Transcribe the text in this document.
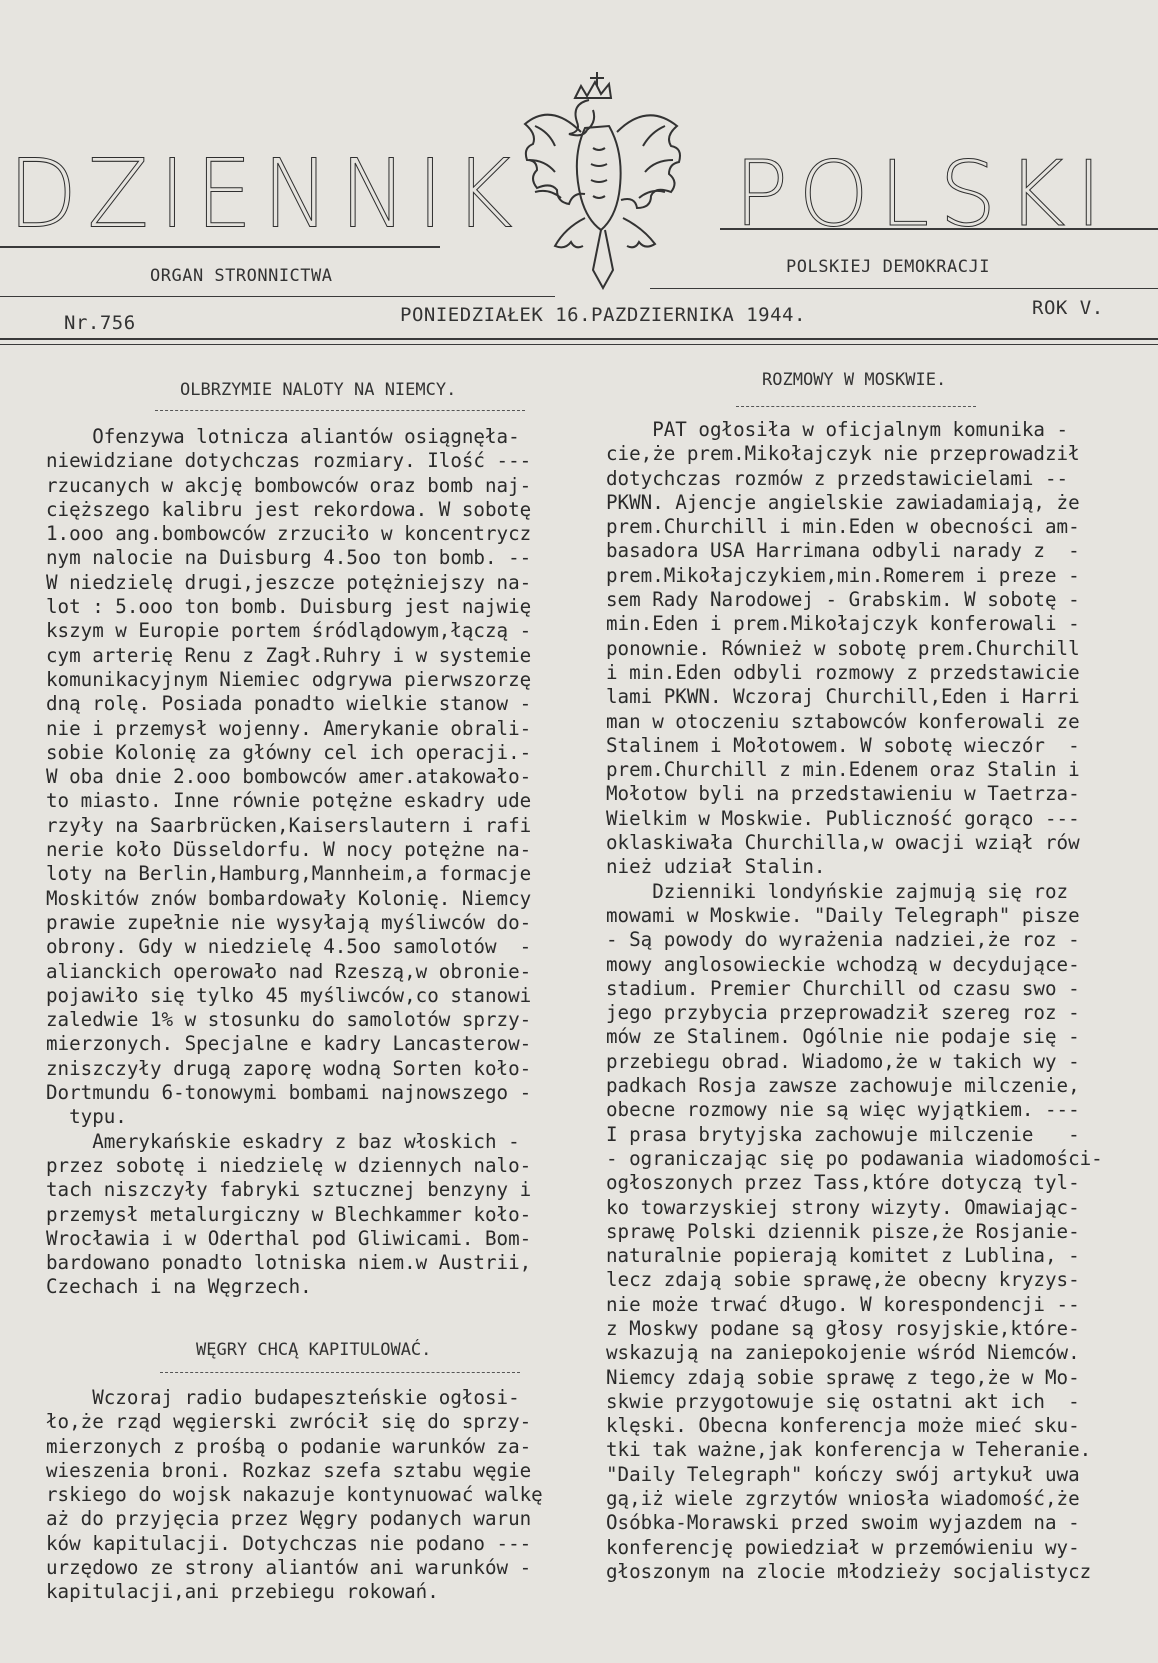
DZIENNIK POLSKI
ORGAN STRONNICTWA	POLSKIEJ DEMOKRACJI
Nr.756	PONIEDZIAŁEK 16.PAZDZIERNIKA 1944.	ROK V.
OLBRZYMIE NALOTY NA NIEMCY.
Ofenzywa lotnicza aliantów osiągnęła-
niewidziane dotychczas rozmiary. Ilość ---
rzucanych w akcję bombowców oraz bomb naj-
cięższego kalibru jest rekordowa. W sobotę
1.ooo ang.bombowców zrzuciło w koncentrycz
nym nalocie na Duisburg 4.5oo ton bomb. --
W niedzielę drugi,jeszcze potężniejszy na-
lot : 5.ooo ton bomb. Duisburg jest najwię
kszym w Europie portem śródlądowym,łączą -
cym arterię Renu z Zagł.Ruhry i w systemie
komunikacyjnym Niemiec odgrywa pierwszorzę
dną rolę. Posiada ponadto wielkie stanow -
nie i przemysł wojenny. Amerykanie obrali-
sobie Kolonię za główny cel ich operacji.-
W oba dnie 2.ooo bombowców amer.atakowało-
to miasto. Inne równie potężne eskadry ude
rzyły na Saarbrücken,Kaiserslautern i rafi
nerie koło Düsseldorfu. W nocy potężne na-
loty na Berlin,Hamburg,Mannheim,a formacje
Moskitów znów bombardowały Kolonię. Niemcy
prawie zupełnie nie wysyłają myśliwców do-
obrony. Gdy w niedzielę 4.5oo samolotów  -
alianckich operowało nad Rzeszą,w obronie-
pojawiło się tylko 45 myśliwców,co stanowi
zaledwie 1% w stosunku do samolotów sprzy-
mierzonych. Specjalne e kadry Lancasterow-
zniszczyły drugą zaporę wodną Sorten koło-
Dortmundu 6-tonowymi bombami najnowszego -
typu.
Amerykańskie eskadry z baz włoskich -
przez sobotę i niedzielę w dziennych nalo-
tach niszczyły fabryki sztucznej benzyny i
przemysł metalurgiczny w Blechkammer koło-
Wrocławia i w Oderthal pod Gliwicami. Bom-
bardowano ponadto lotniska niem.w Austrii,
Czechach i na Węgrzech.
WĘGRY CHCĄ KAPITULOWAĆ.
Wczoraj radio budapeszteńskie ogłosi-
ło,że rząd węgierski zwrócił się do sprzy-
mierzonych z prośbą o podanie warunków za-
wieszenia broni. Rozkaz szefa sztabu węgie
rskiego do wojsk nakazuje kontynuować walkę
aż do przyjęcia przez Węgry podanych warun
ków kapitulacji. Dotychczas nie podano ---
urzędowo ze strony aliantów ani warunków -
kapitulacji,ani przebiegu rokowań.
ROZMOWY W MOSKWIE.
PAT ogłosiła w oficjalnym komunika -
cie,że prem.Mikołajczyk nie przeprowadził
dotychczas rozmów z przedstawicielami --
PKWN. Ajencje angielskie zawiadamiają, że
prem.Churchill i min.Eden w obecności am-
basadora USA Harrimana odbyli narady z  -
prem.Mikołajczykiem,min.Romerem i preze -
sem Rady Narodowej - Grabskim. W sobotę -
min.Eden i prem.Mikołajczyk konferowali -
ponownie. Również w sobotę prem.Churchill
i min.Eden odbyli rozmowy z przedstawicie
lami PKWN. Wczoraj Churchill,Eden i Harri
man w otoczeniu sztabowców konferowali ze
Stalinem i Mołotowem. W sobotę wieczór  -
prem.Churchill z min.Edenem oraz Stalin i
Mołotow byli na przedstawieniu w Taetrza-
Wielkim w Moskwie. Publiczność gorąco ---
oklaskiwała Churchilla,w owacji wziął rów
nież udział Stalin.
Dzienniki londyńskie zajmują się roz
mowami w Moskwie. "Daily Telegraph" pisze
- Są powody do wyrażenia nadziei,że roz -
mowy anglosowieckie wchodzą w decydujące-
stadium. Premier Churchill od czasu swo -
jego przybycia przeprowadził szereg roz -
mów ze Stalinem. Ogólnie nie podaje się -
przebiegu obrad. Wiadomo,że w takich wy -
padkach Rosja zawsze zachowuje milczenie,
obecne rozmowy nie są więc wyjątkiem. ---
I prasa brytyjska zachowuje milczenie   -
- ograniczając się po podawania wiadomości-
ogłoszonych przez Tass,które dotyczą tyl-
ko towarzyskiej strony wizyty. Omawiając-
sprawę Polski dziennik pisze,że Rosjanie-
naturalnie popierają komitet z Lublina, -
lecz zdają sobie sprawę,że obecny kryzys-
nie może trwać długo. W korespondencji --
z Moskwy podane są głosy rosyjskie,które-
wskazują na zaniepokojenie wśród Niemców.
Niemcy zdają sobie sprawę z tego,że w Mo-
skwie przygotowuje się ostatni akt ich  -
klęski. Obecna konferencja może mieć sku-
tki tak ważne,jak konferencja w Teheranie.
"Daily Telegraph" kończy swój artykuł uwa
gą,iż wiele zgrzytów wniosła wiadomość,że
Osóbka-Morawski przed swoim wyjazdem na -
konferencję powiedział w przemówieniu wy-
głoszonym na zlocie młodzieży socjalistycz
